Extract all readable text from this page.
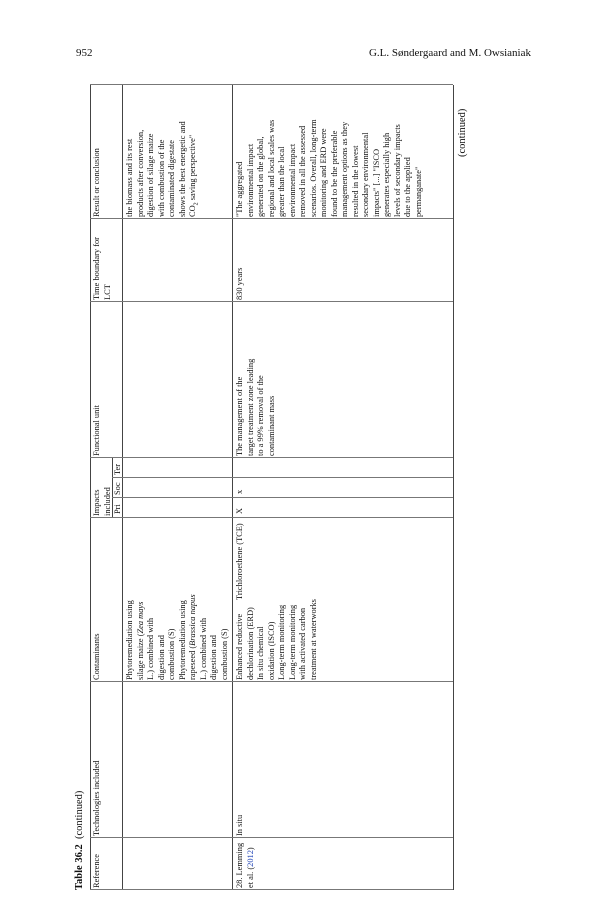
952	G.L. Søndergaard and M. Owsianiak
Table 36.2  (continued)
Reference
Technologies included
Contaminants
Impacts included Pri
Soc
Ter
Functional unit
Time boundary for LCT
Result or conclusion
Phytoremediation using silage maize (Zea mays
L.) combined with digestion and combustion (S) Phytoremediation using rapeseed (Brassica napus L.) combined with digestion and combustion (S)
the biomass and its rest products after conversion, digestion of silage maize with combustion of the contaminated digestate shows the best energetic and $CO_2$ saving perspective"
28. Lemming et al. (2012)
In situ
Enhanced reductive dechlorination (ERD) In situ chemical oxidation (ISCO) Long-term monitoring Long-term monitoring with activated carbon treatment at waterworks
Trichloroethene (TCE)
X
x
The management of the target treatment zone leading to a 99% removal of the contaminant mass
830 years
"The aggregated environmental impact generated on the global, regional and local scales was greater than the local environmental impact removed in all the assessed scenarios. Overall, long-term monitoring and ERD were found to be the preferable management options as they resulted in the lowest secondary environmental impacts" [...] "ISCO generates especially high levels of secondary impacts due to the applied permanganate"
(continued)
